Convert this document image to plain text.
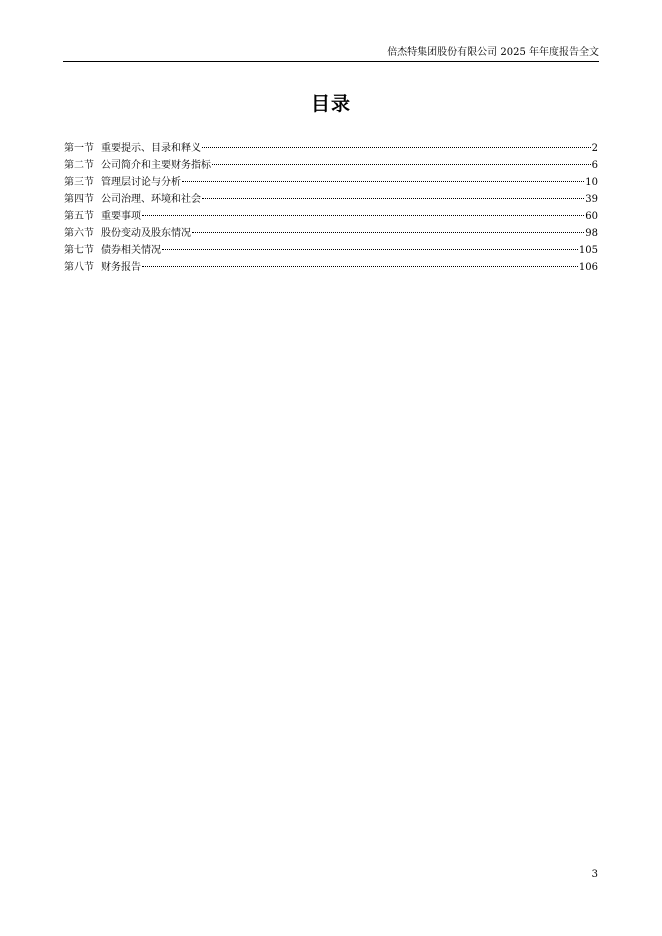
倍杰特集团股份有限公司 2025 年年度报告全文
目录
第一节 重要提示、目录和释义	2
第二节 公司简介和主要财务指标	6
第三节 管理层讨论与分析	10
第四节 公司治理、环境和社会	39
第五节 重要事项	60
第六节 股份变动及股东情况	98
第七节 债券相关情况	105
第八节 财务报告	106
3
